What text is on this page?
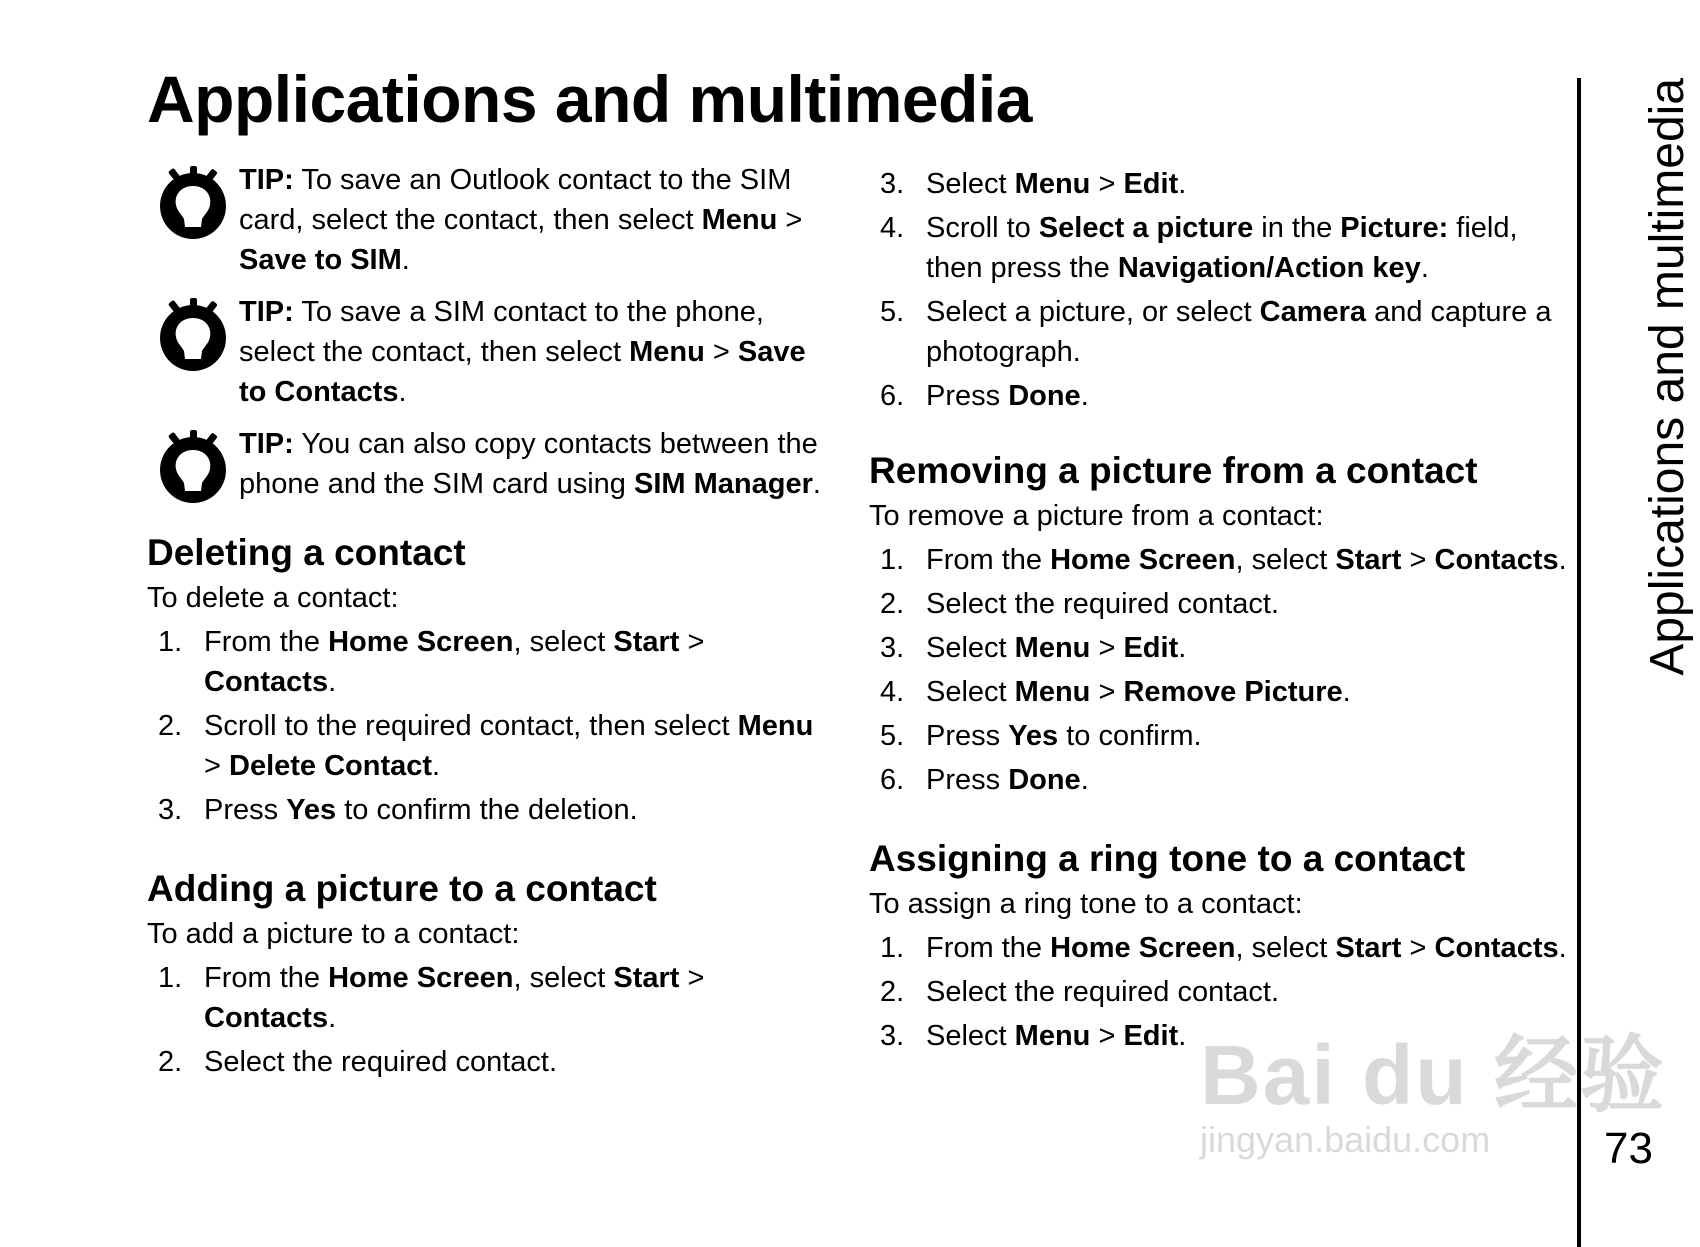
Applications and multimedia

TIP: To save an Outlook contact to the SIM card, select the contact, then select Menu > Save to SIM.

TIP: To save a SIM contact to the phone, select the contact, then select Menu > Save to Contacts.

TIP: You can also copy contacts between the phone and the SIM card using SIM Manager.

Deleting a contact

To delete a contact:

1. From the Home Screen, select Start > Contacts.
2. Scroll to the required contact, then select Menu > Delete Contact.
3. Press Yes to confirm the deletion.
Adding a picture to a contact

To add a picture to a contact:

1. From the Home Screen, select Start > Contacts.
2. Select the required contact.
3. Select Menu > Edit.
4. Scroll to Select a picture in the Picture: field, then press the Navigation/Action key.
5. Select a picture, or select Camera and capture a photograph.
6. Press Done.
Removing a picture from a contact

To remove a picture from a contact:

1. From the Home Screen, select Start > Contacts.
2. Select the required contact.
3. Select Menu > Edit.
4. Select Menu > Remove Picture.
5. Press Yes to confirm.
6. Press Done.
Assigning a ring tone to a contact

To assign a ring tone to a contact:

1. From the Home Screen, select Start > Contacts.
2. Select the required contact.
3. Select Menu > Edit.
Applications and multimedia
73
Bai du 经验
jingyan.baidu.com
